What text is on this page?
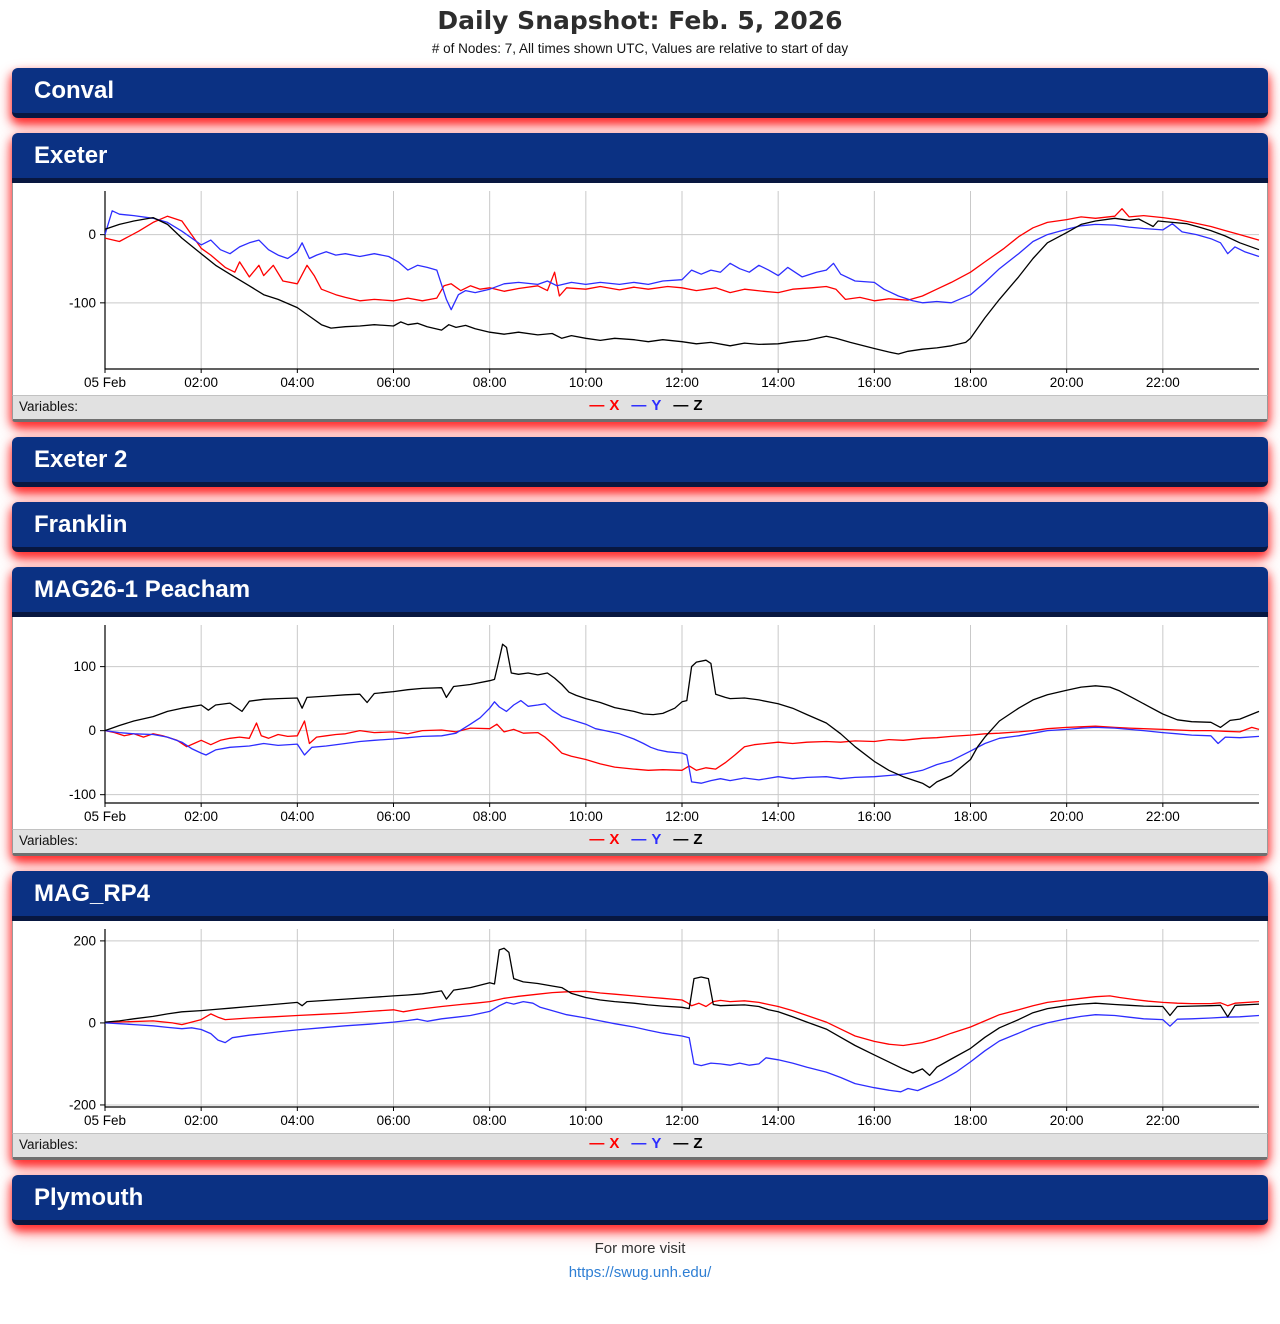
Daily Snapshot: Feb. 5, 2026
# of Nodes: 7, All times shown UTC, Values are relative to start of day
Conval
Exeter
05 Feb	02:00	04:00	06:00	08:00	10:00	12:00	14:00	16:00	18:00	20:00	22:00
0
-100
Variables:	— X — Y — Z
Exeter 2
Franklin
MAG26-1 Peacham
05 Feb	02:00	04:00	06:00	08:00	10:00	12:00	14:00	16:00	18:00	20:00	22:00
100
0
-100
Variables:	— X — Y — Z
MAG_RP4
05 Feb	02:00	04:00	06:00	08:00	10:00	12:00	14:00	16:00	18:00	20:00	22:00
200
0
-200
Variables:	— X — Y — Z
Plymouth
For more visit
https://swug.unh.edu/
